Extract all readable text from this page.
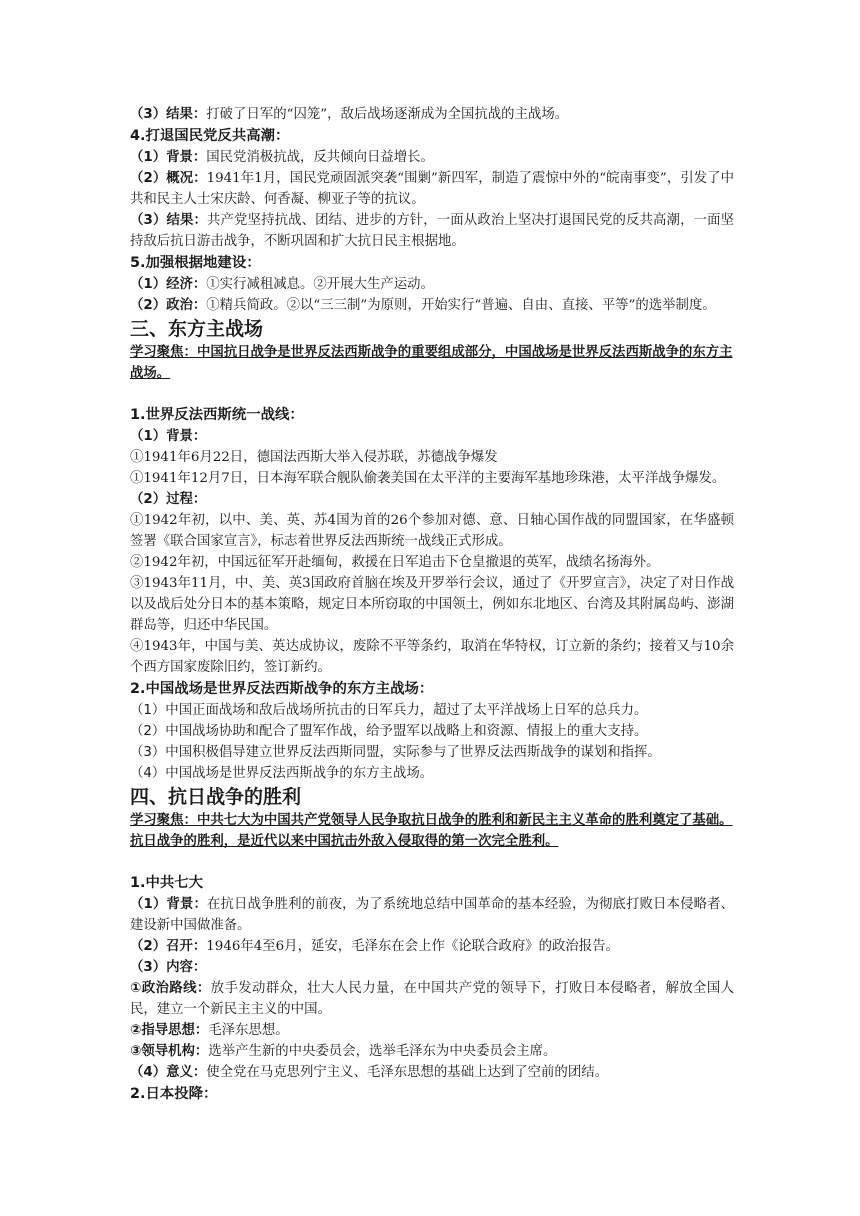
（3）结果：打破了日军的“囚笼”，敌后战场逐渐成为全国抗战的主战场。

4.打退国民党反共高潮：

（1）背景：国民党消极抗战，反共倾向日益增长。

（2）概况：1941年1月，国民党顽固派突袭“围剿”新四军，制造了震惊中外的“皖南事变”，引发了中共和民主人士宋庆龄、何香凝、柳亚子等的抗议。

（3）结果：共产党坚持抗战、团结、进步的方针，一面从政治上坚决打退国民党的反共高潮，一面坚持敌后抗日游击战争，不断巩固和扩大抗日民主根据地。

5.加强根据地建设：

（1）经济：①实行减租减息。②开展大生产运动。

（2）政治：①精兵简政。②以“三三制”为原则，开始实行“普遍、自由、直接、平等”的选举制度。

三、东方主战场

学习聚焦：中国抗日战争是世界反法西斯战争的重要组成部分，中国战场是世界反法西斯战争的东方主战场。

1.世界反法西斯统一战线：

（1）背景：

①1941年6月22日，德国法西斯大举入侵苏联，苏德战争爆发

①1941年12月7日，日本海军联合舰队偷袭美国在太平洋的主要海军基地珍珠港，太平洋战争爆发。

（2）过程：

①1942年初，以中、美、英、苏4国为首的26个参加对德、意、日轴心国作战的同盟国家，在华盛顿签署《联合国家宣言》，标志着世界反法西斯统一战线正式形成。

②1942年初，中国远征军开赴缅甸，救援在日军追击下仓皇撤退的英军，战绩名扬海外。

③1943年11月，中、美、英3国政府首脑在埃及开罗举行会议，通过了《开罗宣言》，决定了对日作战以及战后处分日本的基本策略，规定日本所窃取的中国领土，例如东北地区、台湾及其附属岛屿、澎湖群岛等，归还中华民国。

④1943年，中国与美、英达成协议，废除不平等条约，取消在华特权，订立新的条约；接着又与10余个西方国家废除旧约，签订新约。

2.中国战场是世界反法西斯战争的东方主战场：

（1）中国正面战场和敌后战场所抗击的日军兵力，超过了太平洋战场上日军的总兵力。

（2）中国战场协助和配合了盟军作战，给予盟军以战略上和资源、情报上的重大支持。

（3）中国积极倡导建立世界反法西斯同盟，实际参与了世界反法西斯战争的谋划和指挥。

（4）中国战场是世界反法西斯战争的东方主战场。

四、抗日战争的胜利

学习聚焦：中共七大为中国共产党领导人民争取抗日战争的胜利和新民主主义革命的胜利奠定了基础。抗日战争的胜利，是近代以来中国抗击外敌入侵取得的第一次完全胜利。

1.中共七大

（1）背景：在抗日战争胜利的前夜，为了系统地总结中国革命的基本经验，为彻底打败日本侵略者、建设新中国做准备。

（2）召开：1946年4至6月，延安，毛泽东在会上作《论联合政府》的政治报告。

（3）内容：

①政治路线：放手发动群众，壮大人民力量，在中国共产党的领导下，打败日本侵略者，解放全国人民，建立一个新民主主义的中国。

②指导思想：毛泽东思想。

③领导机构：选举产生新的中央委员会，选举毛泽东为中央委员会主席。

（4）意义：使全党在马克思列宁主义、毛泽东思想的基础上达到了空前的团结。

2.日本投降：
